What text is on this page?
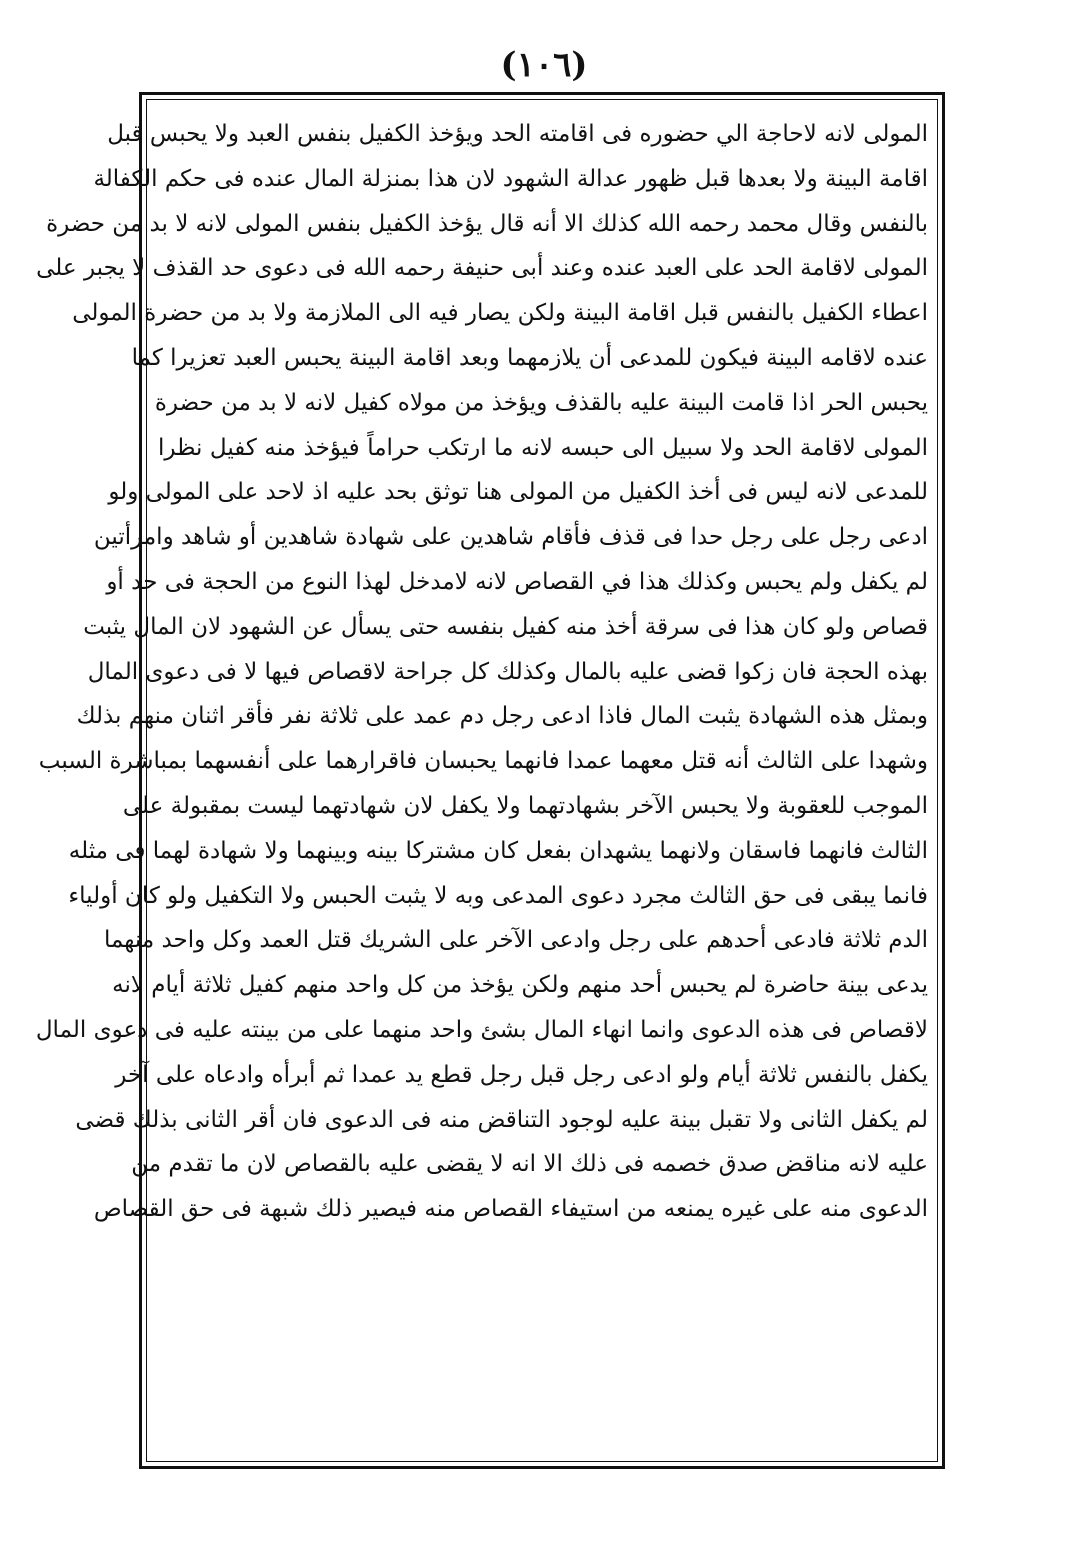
(١٠٦)
المولى لانه لاحاجة الي حضوره فى اقامته الحد ويؤخذ الكفيل بنفس العبد ولا يحبس قبل
اقامة البينة ولا بعدها قبل ظهور عدالة الشهود لان هذا بمنزلة المال عنده فى حكم الكفالة
بالنفس وقال محمد رحمه الله كذلك الا أنه قال يؤخذ الكفيل بنفس المولى لانه لا بد من حضرة
المولى لاقامة الحد على العبد عنده وعند أبى حنيفة رحمه الله فى دعوى حد القذف لا يجبر على
اعطاء الكفيل بالنفس قبل اقامة البينة ولكن يصار فيه الى الملازمة ولا بد من حضرة المولى
عنده لاقامه البينة فيكون للمدعى أن يلازمهما وبعد اقامة البينة يحبس العبد تعزيرا كما
يحبس الحر اذا قامت البينة عليه بالقذف ويؤخذ من مولاه كفيل لانه لا بد من حضرة
المولى لاقامة الحد ولا سبيل الى حبسه لانه ما ارتكب حراماً فيؤخذ منه كفيل نظرا
للمدعى لانه ليس فى أخذ الكفيل من المولى هنا توثق بحد عليه اذ لاحد على المولى ولو
ادعى رجل على رجل حدا فى قذف فأقام شاهدين على شهادة شاهدين أو شاهد وامرأتين
لم يكفل ولم يحبس وكذلك هذا في القصاص لانه لامدخل لهذا النوع من الحجة فى حد أو
قصاص ولو كان هذا فى سرقة أخذ منه كفيل بنفسه حتى يسأل عن الشهود لان المال يثبت
بهذه الحجة فان زكوا قضى عليه بالمال وكذلك كل جراحة لاقصاص فيها لا فى دعوى المال
وبمثل هذه الشهادة يثبت المال فاذا ادعى رجل دم عمد على ثلاثة نفر فأقر اثنان منهم بذلك
وشهدا على الثالث أنه قتل معهما عمدا فانهما يحبسان فاقرارهما على أنفسهما بمباشرة السبب
الموجب للعقوبة ولا يحبس الآخر بشهادتهما ولا يكفل لان شهادتهما ليست بمقبولة على
الثالث فانهما فاسقان ولانهما يشهدان بفعل كان مشتركا بينه وبينهما ولا شهادة لهما فى مثله
فانما يبقى فى حق الثالث مجرد دعوى المدعى وبه لا يثبت الحبس ولا التكفيل ولو كان أولياء
الدم ثلاثة فادعى أحدهم على رجل وادعى الآخر على الشريك قتل العمد وكل واحد منهما
يدعى بينة حاضرة لم يحبس أحد منهم ولكن يؤخذ من كل واحد منهم كفيل ثلاثة أيام لانه
لاقصاص فى هذه الدعوى وانما انهاء المال بشئ واحد منهما على من بينته عليه فى دعوى المال
يكفل بالنفس ثلاثة أيام ولو ادعى رجل قبل رجل قطع يد عمدا ثم أبرأه وادعاه على آخر
لم يكفل الثانى ولا تقبل بينة عليه لوجود التناقض منه فى الدعوى فان أقر الثانى بذلك قضى
عليه لانه مناقض صدق خصمه فى ذلك الا انه لا يقضى عليه بالقصاص لان ما تقدم من
الدعوى منه على غيره يمنعه من استيفاء القصاص منه فيصير ذلك شبهة فى حق القصاص
